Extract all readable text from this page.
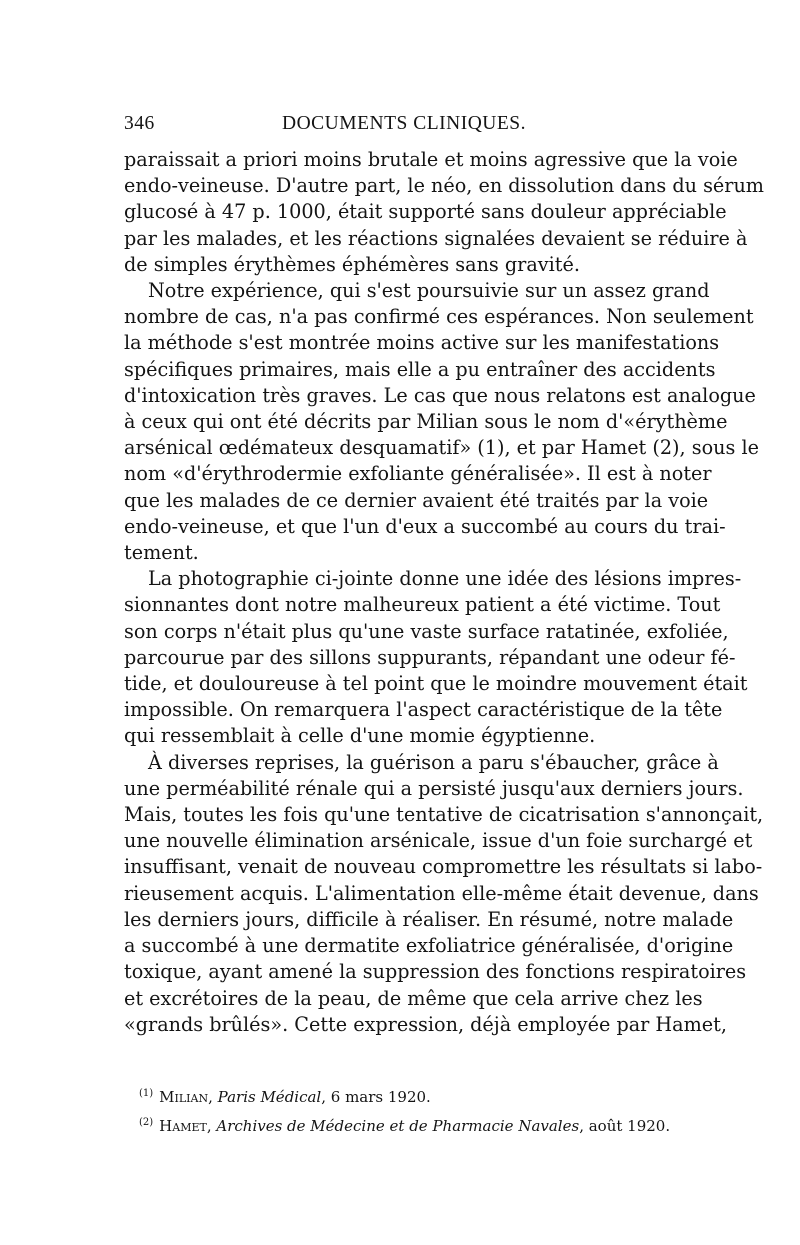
346	DOCUMENTS CLINIQUES.
paraissait a priori moins brutale et moins agressive que la voie
endo-veineuse. D'autre part, le néo, en dissolution dans du sérum
glucosé à 47 p. 1000, était supporté sans douleur appréciable
par les malades, et les réactions signalées devaient se réduire à
de simples érythèmes éphémères sans gravité.
Notre expérience, qui s'est poursuivie sur un assez grand
nombre de cas, n'a pas confirmé ces espérances. Non seulement
la méthode s'est montrée moins active sur les manifestations
spécifiques primaires, mais elle a pu entraîner des accidents
d'intoxication très graves. Le cas que nous relatons est analogue
à ceux qui ont été décrits par Milian sous le nom d'«érythème
arsénical œdémateux desquamatif» (1), et par Hamet (2), sous le
nom «d'érythrodermie exfoliante généralisée». Il est à noter
que les malades de ce dernier avaient été traités par la voie
endo-veineuse, et que l'un d'eux a succombé au cours du trai-
tement.
La photographie ci-jointe donne une idée des lésions impres-
sionnantes dont notre malheureux patient a été victime. Tout
son corps n'était plus qu'une vaste surface ratatinée, exfoliée,
parcourue par des sillons suppurants, répandant une odeur fé-
tide, et douloureuse à tel point que le moindre mouvement était
impossible. On remarquera l'aspect caractéristique de la tête
qui ressemblait à celle d'une momie égyptienne.
À diverses reprises, la guérison a paru s'ébaucher, grâce à
une perméabilité rénale qui a persisté jusqu'aux derniers jours.
Mais, toutes les fois qu'une tentative de cicatrisation s'annonçait,
une nouvelle élimination arsénicale, issue d'un foie surchargé et
insuffisant, venait de nouveau compromettre les résultats si labo-
rieusement acquis. L'alimentation elle-même était devenue, dans
les derniers jours, difficile à réaliser. En résumé, notre malade
a succombé à une dermatite exfoliatrice généralisée, d'origine
toxique, ayant amené la suppression des fonctions respiratoires
et excrétoires de la peau, de même que cela arrive chez les
«grands brûlés». Cette expression, déjà employée par Hamet,
$^{(1)}$ Milian, Paris Médical, 6 mars 1920.
$^{(2)}$ Hamet, Archives de Médecine et de Pharmacie Navales, août 1920.
